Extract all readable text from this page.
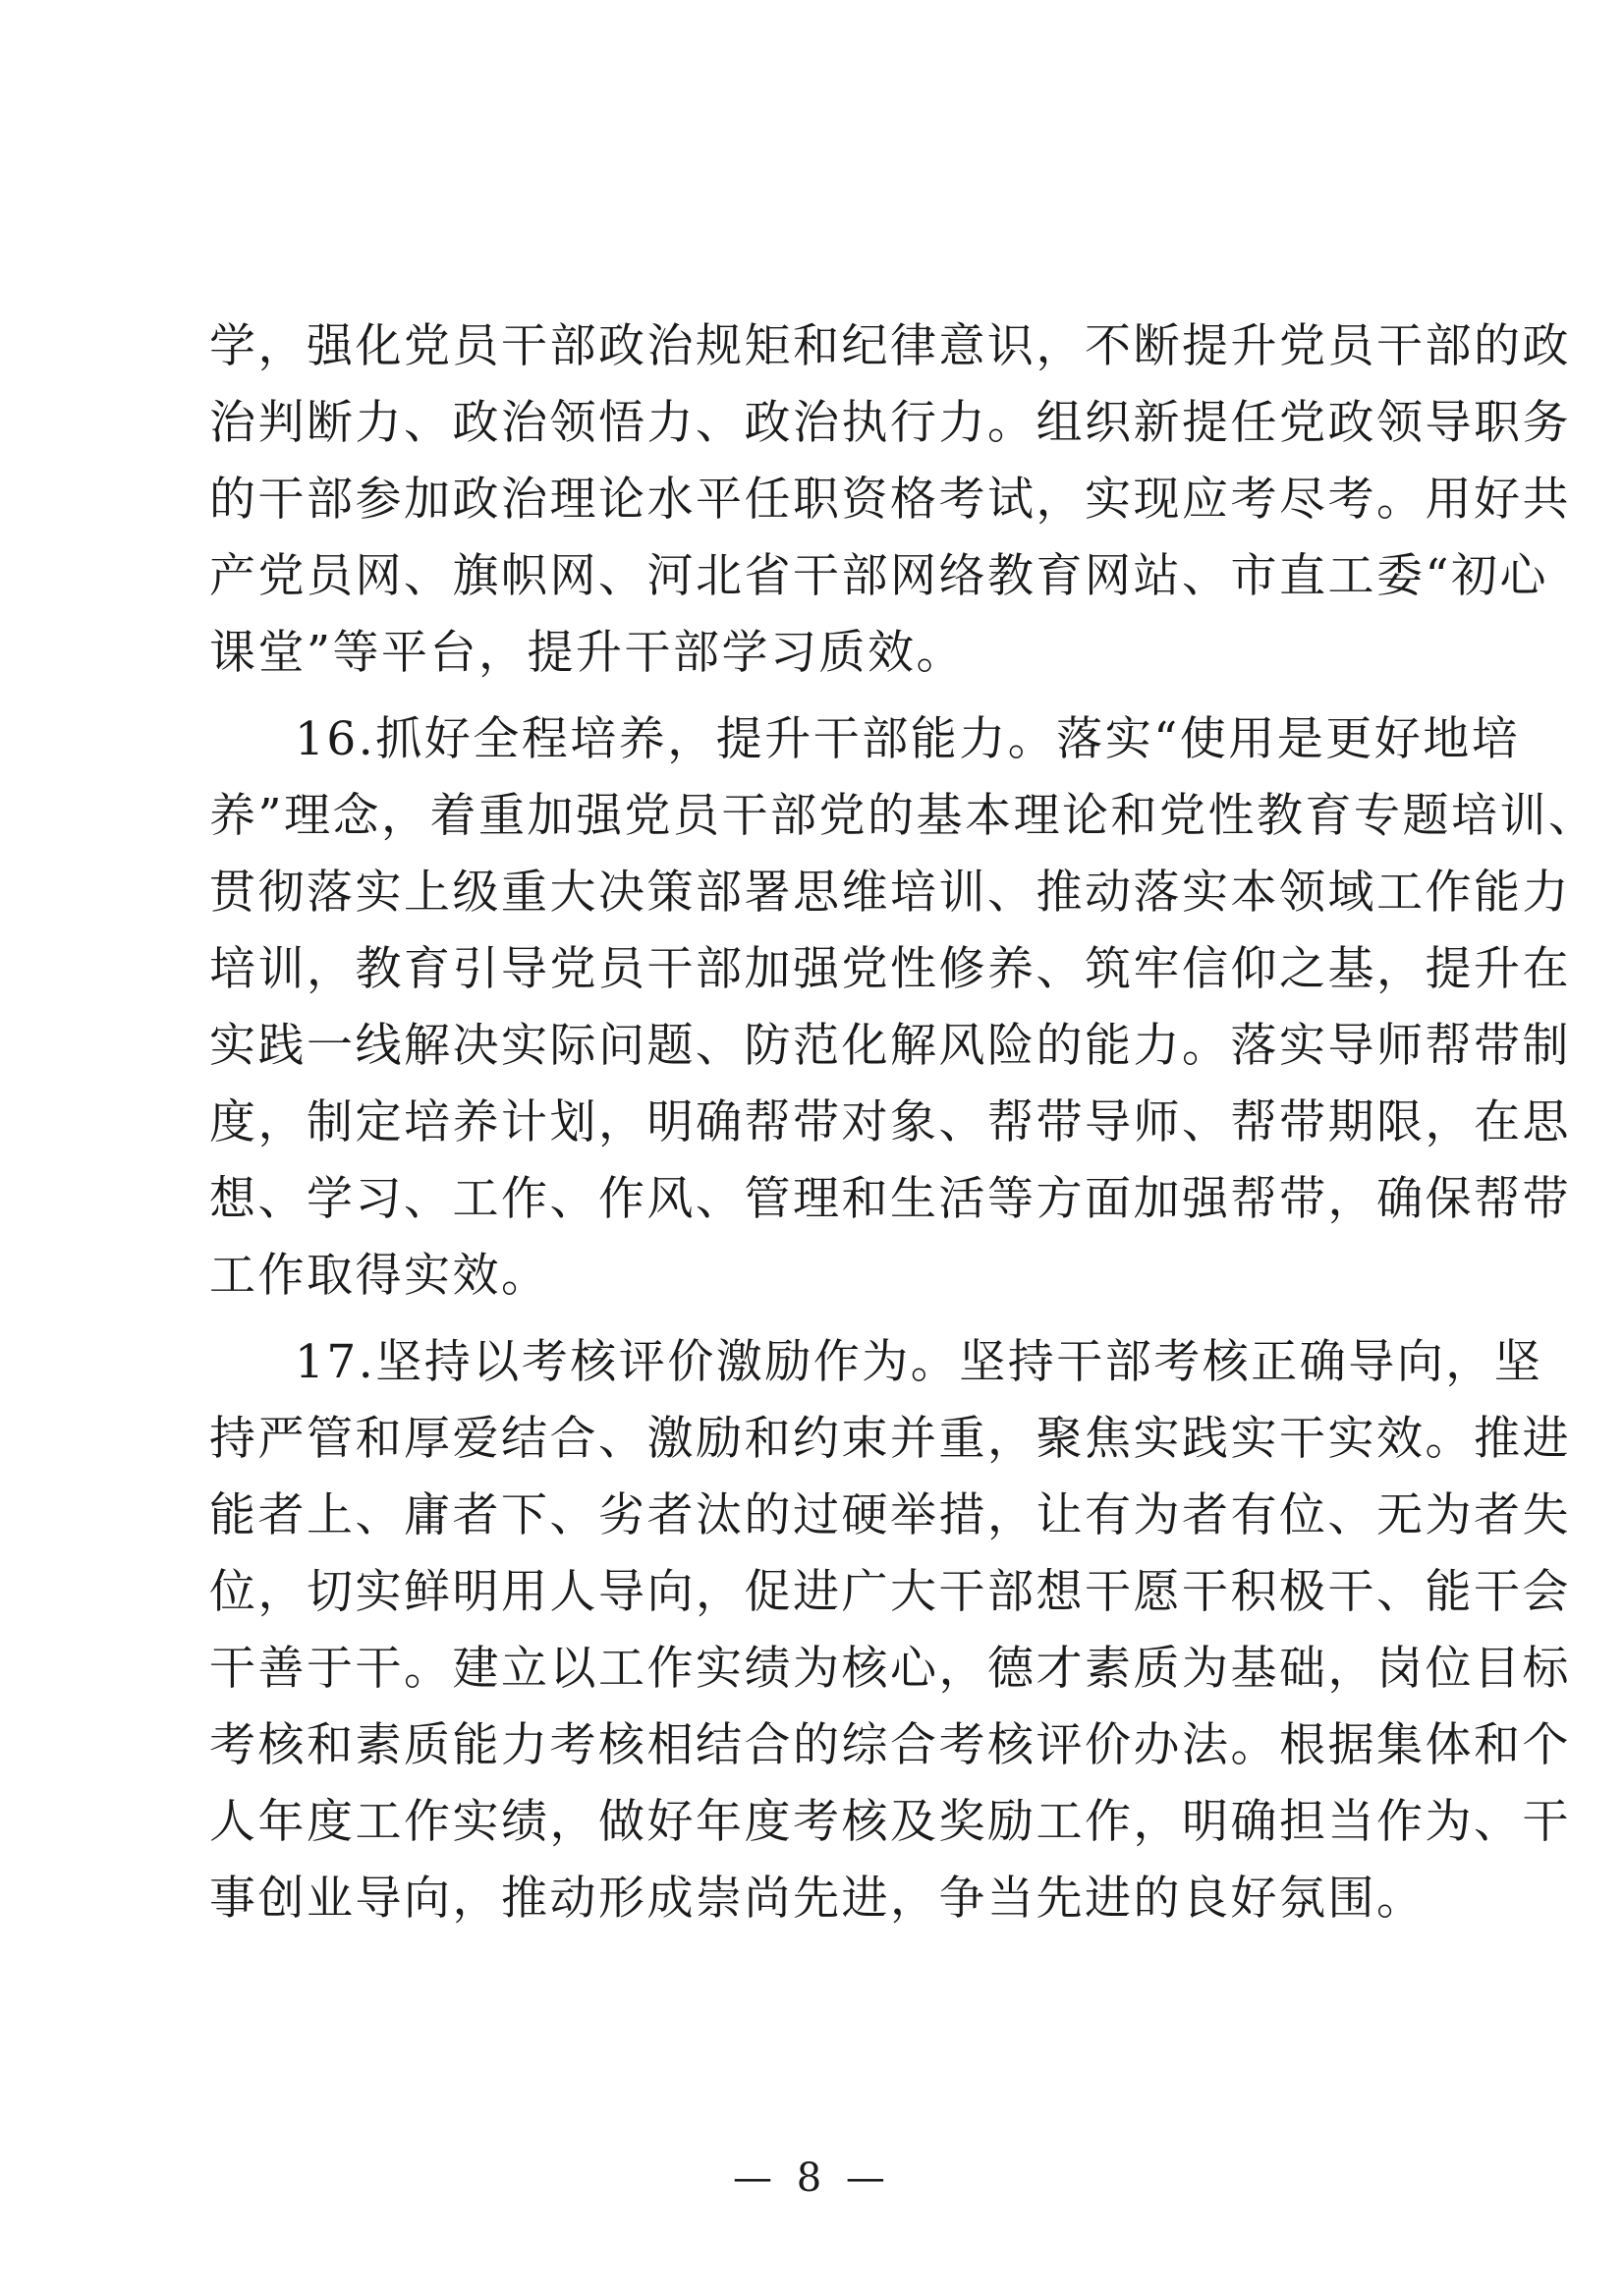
学，强化党员干部政治规矩和纪律意识，不断提升党员干部的政
治判断力、政治领悟力、政治执行力。组织新提任党政领导职务
的干部参加政治理论水平任职资格考试，实现应考尽考。用好共
产党员网、旗帜网、河北省干部网络教育网站、市直工委“初心
课堂”等平台，提升干部学习质效。
16.抓好全程培养，提升干部能力。落实“使用是更好地培
养”理念，着重加强党员干部党的基本理论和党性教育专题培训、
贯彻落实上级重大决策部署思维培训、推动落实本领域工作能力
培训，教育引导党员干部加强党性修养、筑牢信仰之基，提升在
实践一线解决实际问题、防范化解风险的能力。落实导师帮带制
度，制定培养计划，明确帮带对象、帮带导师、帮带期限，在思
想、学习、工作、作风、管理和生活等方面加强帮带，确保帮带
工作取得实效。
17.坚持以考核评价激励作为。坚持干部考核正确导向，坚
持严管和厚爱结合、激励和约束并重，聚焦实践实干实效。推进
能者上、庸者下、劣者汰的过硬举措，让有为者有位、无为者失
位，切实鲜明用人导向，促进广大干部想干愿干积极干、能干会
干善于干。建立以工作实绩为核心，德才素质为基础，岗位目标
考核和素质能力考核相结合的综合考核评价办法。根据集体和个
人年度工作实绩，做好年度考核及奖励工作，明确担当作为、干
事创业导向，推动形成崇尚先进，争当先进的良好氛围。
— 8 —
